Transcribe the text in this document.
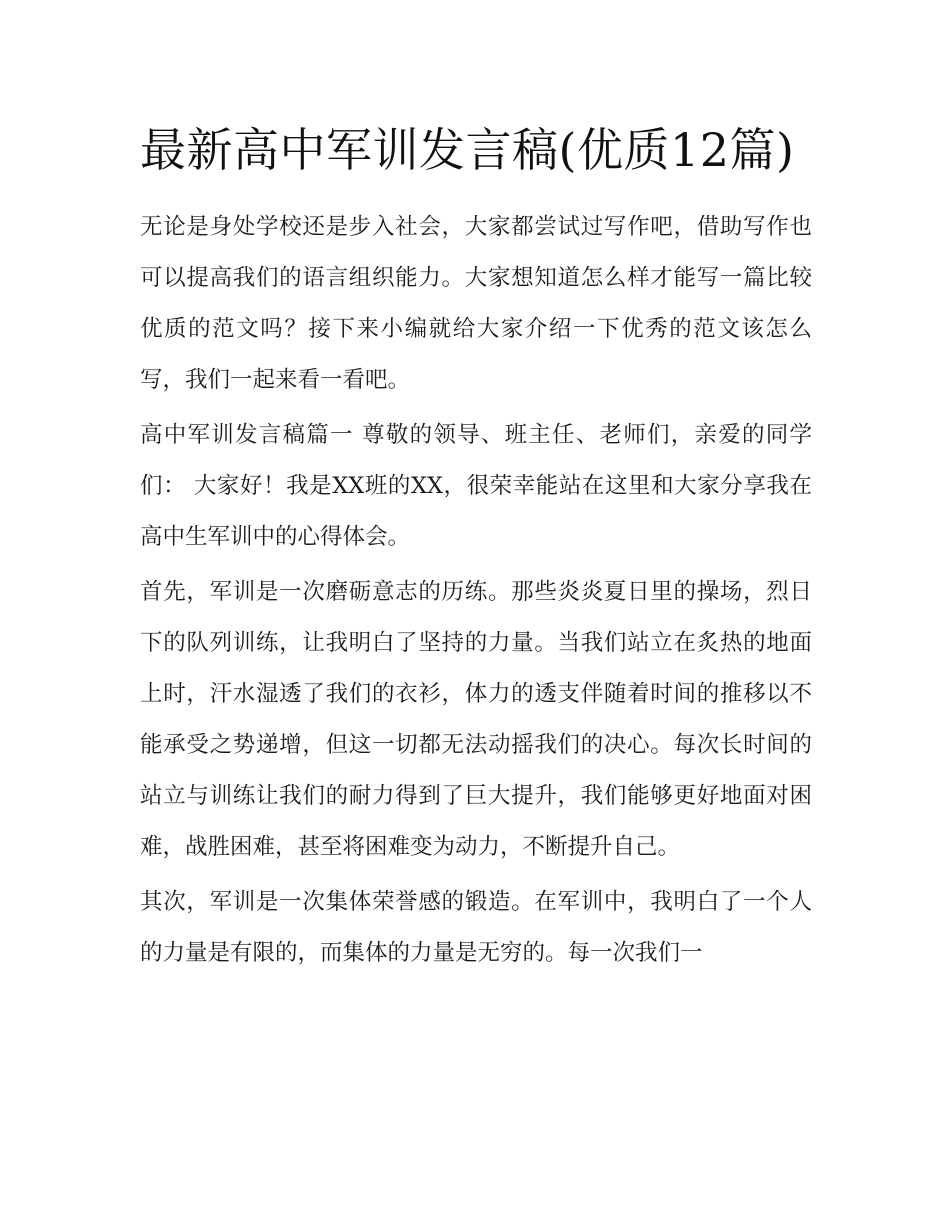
最新高中军训发言稿(优质12篇)

无论是身处学校还是步入社会，大家都尝试过写作吧，借助写作也可以提高我们的语言组织能力。大家想知道怎么样才能写一篇比较优质的范文吗？接下来小编就给大家介绍一下优秀的范文该怎么写，我们一起来看一看吧。

高中军训发言稿篇一 尊敬的领导、班主任、老师们，亲爱的同学们： 大家好！我是XX班的XX，很荣幸能站在这里和大家分享我在高中生军训中的心得体会。

首先，军训是一次磨砺意志的历练。那些炎炎夏日里的操场，烈日下的队列训练，让我明白了坚持的力量。当我们站立在炙热的地面上时，汗水湿透了我们的衣衫，体力的透支伴随着时间的推移以不能承受之势递增，但这一切都无法动摇我们的决心。每次长时间的站立与训练让我们的耐力得到了巨大提升，我们能够更好地面对困难，战胜困难，甚至将困难变为动力，不断提升自己。

其次，军训是一次集体荣誉感的锻造。在军训中，我明白了一个人的力量是有限的，而集体的力量是无穷的。每一次我们一
